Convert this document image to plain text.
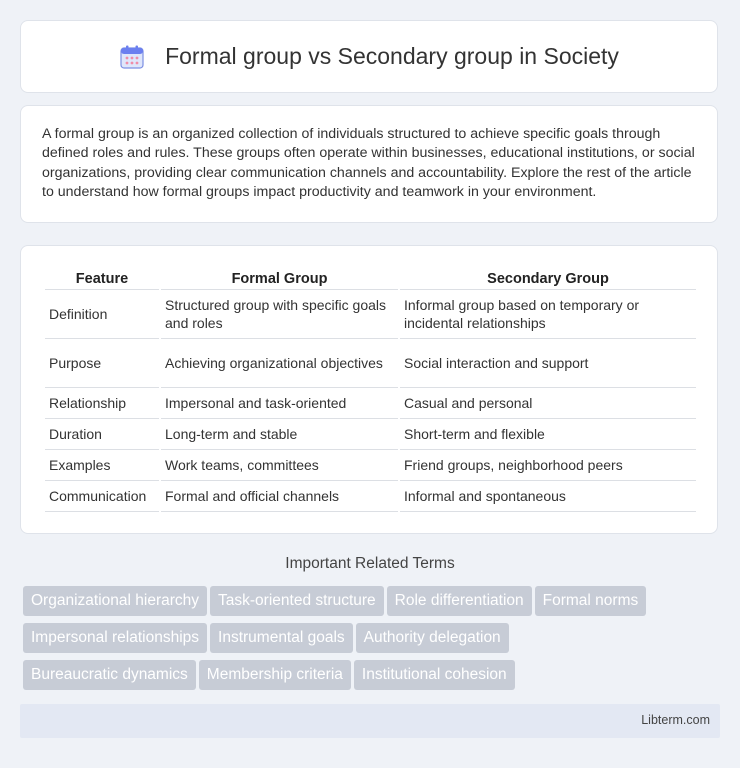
Formal group vs Secondary group in Society

A formal group is an organized collection of individuals structured to achieve specific goals through defined roles and rules. These groups often operate within businesses, educational institutions, or social organizations, providing clear communication channels and accountability. Explore the rest of the article to understand how formal groups impact productivity and teamwork in your environment.

Feature	Formal Group	Secondary Group
Definition	Structured group with specific goals and roles	Informal group based on temporary or incidental relationships
Purpose	Achieving organizational objectives	Social interaction and support
Relationship	Impersonal and task-oriented	Casual and personal
Duration	Long-term and stable	Short-term and flexible
Examples	Work teams, committees	Friend groups, neighborhood peers
Communication	Formal and official channels	Informal and spontaneous
Important Related Terms
Organizational hierarchy Task-oriented structure Role differentiation Formal norms
Impersonal relationships Instrumental goals Authority delegation
Bureaucratic dynamics Membership criteria Institutional cohesion
Libterm.com
